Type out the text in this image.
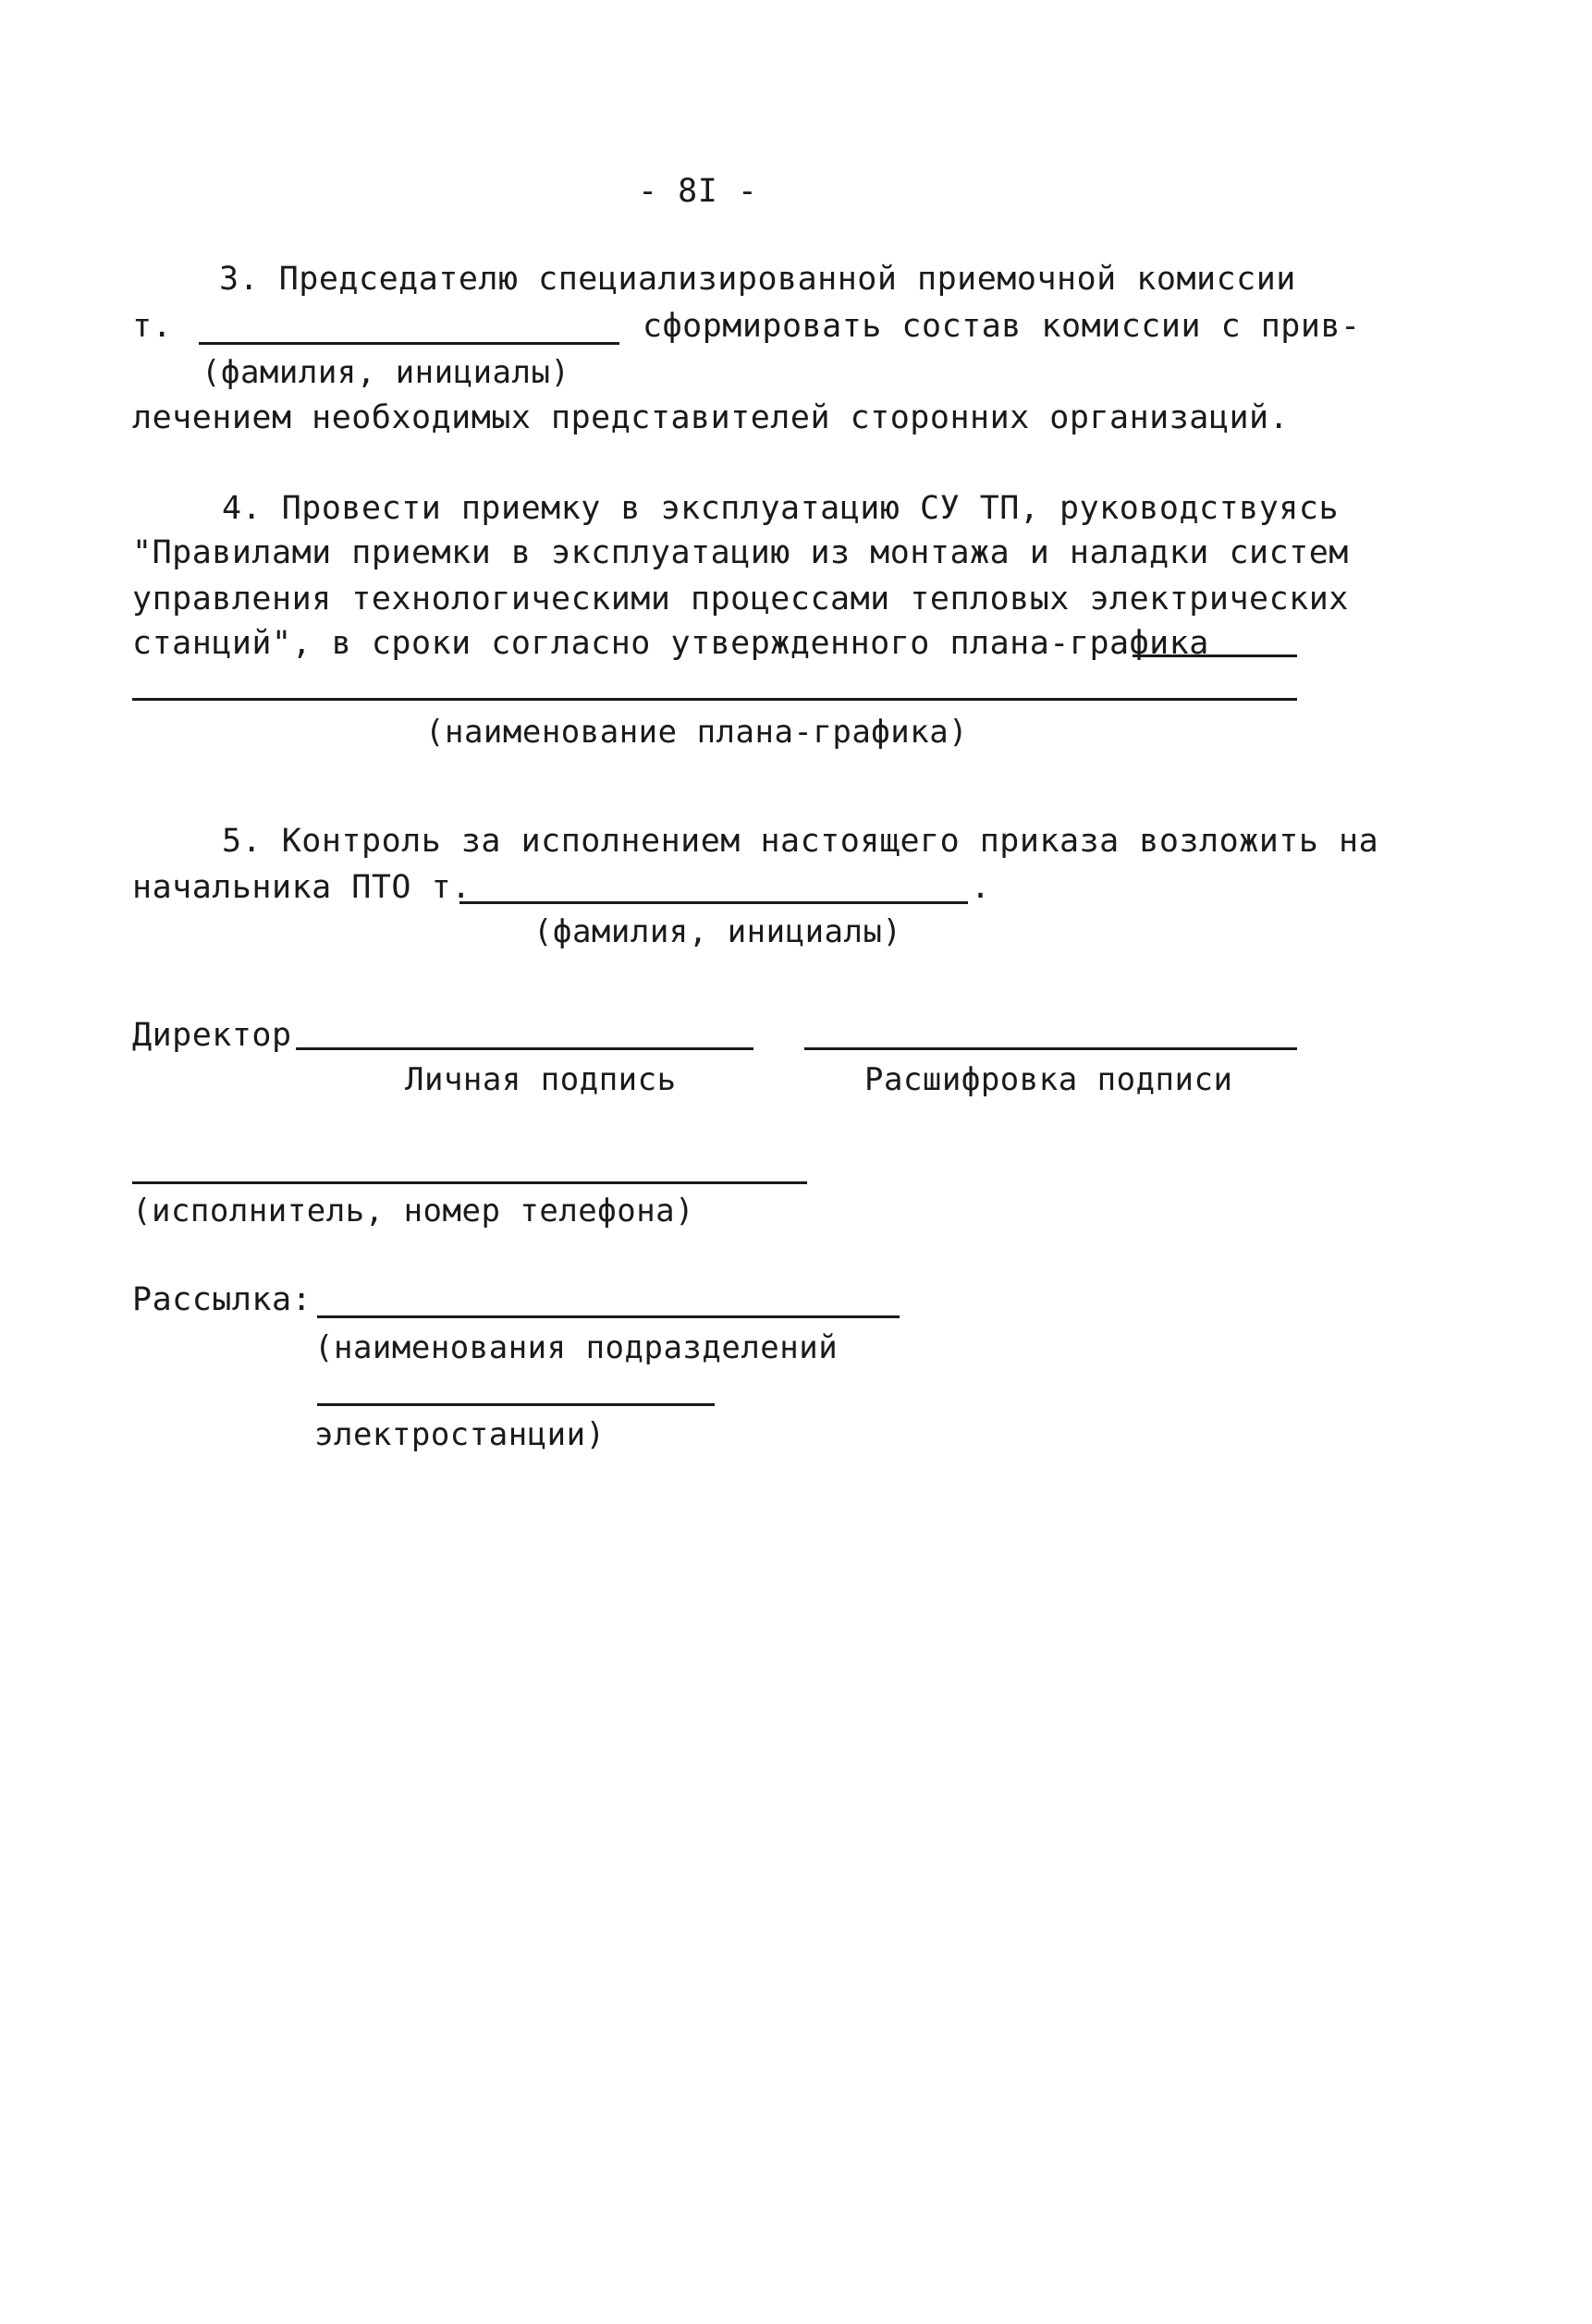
- 8I -
3. Председателю специализированной приемочной комиссии
т.	сформировать состав комиссии с прив-
(фамилия, инициалы)
лечением необходимых представителей сторонних организаций.
4. Провести приемку в эксплуатацию СУ ТП, руководствуясь
"Правилами приемки в эксплуатацию из монтажа и наладки систем
управления технологическими процессами тепловых электрических
станций", в сроки согласно утвержденного плана-графика
(наименование плана-графика)
5. Контроль за исполнением настоящего приказа возложить на
начальника ПТО т.	.
(фамилия, инициалы)
Директор
Личная подпись	Расшифровка подписи
(исполнитель, номер телефона)
Рассылка:
(наименования подразделений
электростанции)
